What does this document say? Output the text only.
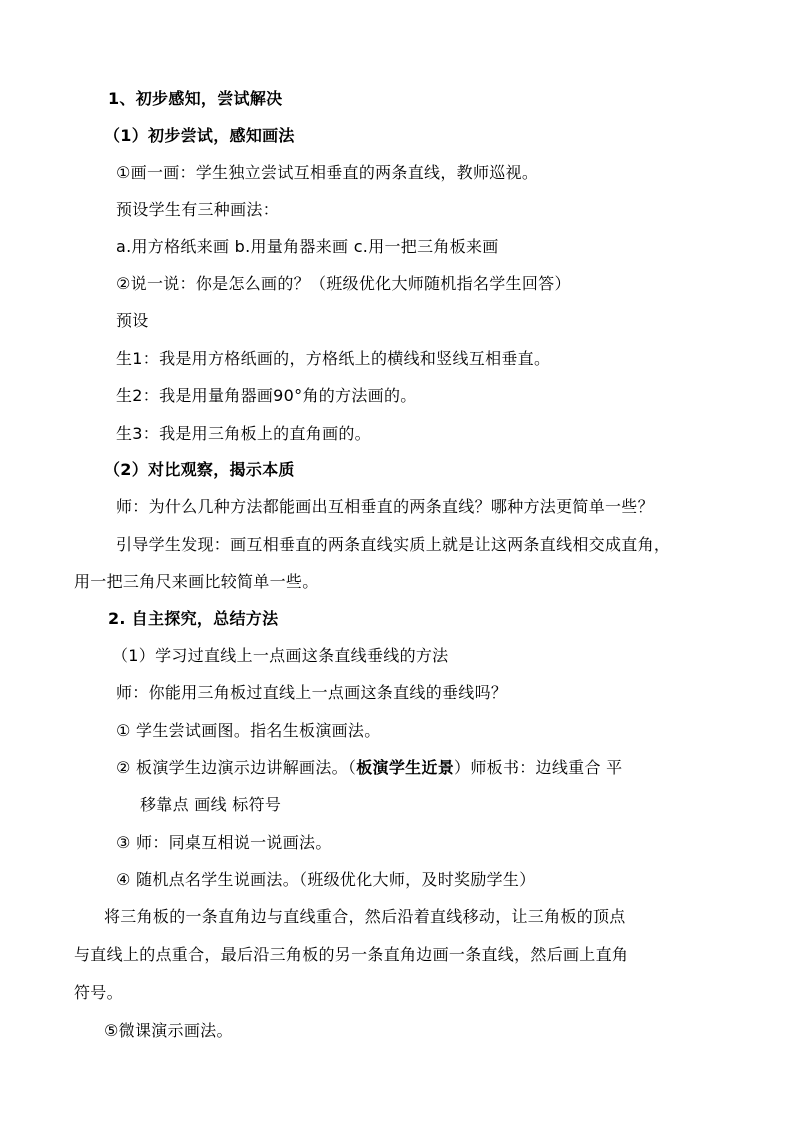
1、初步感知，尝试解决
（1）初步尝试，感知画法
①画一画：学生独立尝试互相垂直的两条直线，教师巡视。
预设学生有三种画法：
a.用方格纸来画 b.用量角器来画 c.用一把三角板来画
②说一说：你是怎么画的？（班级优化大师随机指名学生回答）
预设
生1：我是用方格纸画的，方格纸上的横线和竖线互相垂直。
生2：我是用量角器画90°角的方法画的。
生3：我是用三角板上的直角画的。
（2）对比观察，揭示本质
师：为什么几种方法都能画出互相垂直的两条直线？哪种方法更简单一些？
引导学生发现：画互相垂直的两条直线实质上就是让这两条直线相交成直角，
用一把三角尺来画比较简单一些。
2. 自主探究，总结方法
（1）学习过直线上一点画这条直线垂线的方法
师：你能用三角板过直线上一点画这条直线的垂线吗？
① 学生尝试画图。指名生板演画法。
② 板演学生边演示边讲解画法。（板演学生近景）师板书：边线重合 平
移靠点 画线 标符号
③ 师：同桌互相说一说画法。
④ 随机点名学生说画法。（班级优化大师，及时奖励学生）
将三角板的一条直角边与直线重合，然后沿着直线移动，让三角板的顶点
与直线上的点重合，最后沿三角板的另一条直角边画一条直线，然后画上直角
符号。
⑤微课演示画法。
